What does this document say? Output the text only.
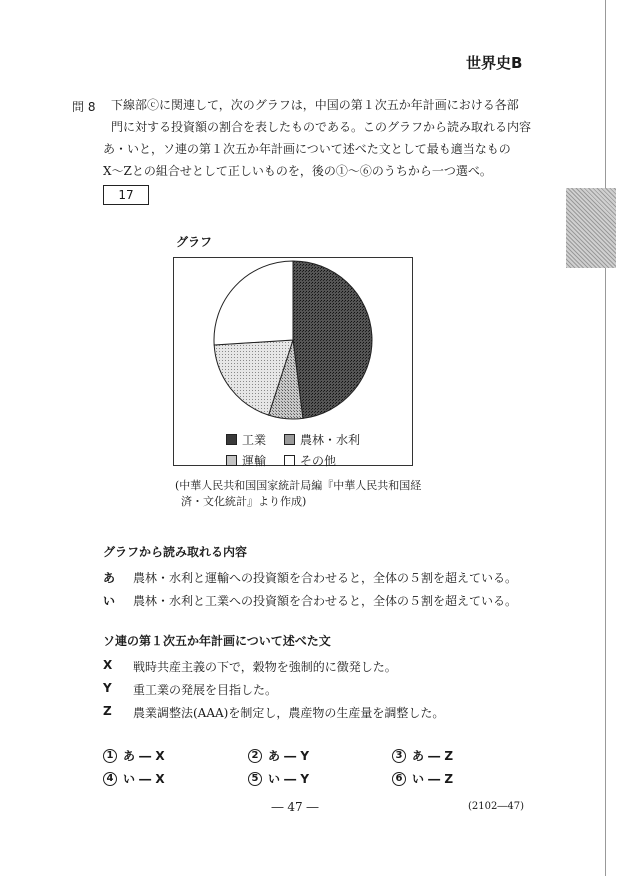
世界史B
問 8 下線部ⓒに関連して，次のグラフは，中国の第１次五か年計画における各部
門に対する投資額の割合を表したものである。このグラフから読み取れる内容
あ・いと，ソ連の第１次五か年計画について述べた文として最も適当なもの
X〜Zとの組合せとして正しいものを，後の①〜⑥のうちから一つ選べ。
17
グラフ
工業	農林・水利
運輸	その他
(中華人民共和国国家統計局編『中華人民共和国経
済・文化統計』より作成)
グラフから読み取れる内容
あ	農林・水利と運輸への投資額を合わせると，全体の５割を超えている。
い	農林・水利と工業への投資額を合わせると，全体の５割を超えている。
ソ連の第１次五か年計画について述べた文
X	戦時共産主義の下で，穀物を強制的に徴発した。
Y	重工業の発展を目指した。
Z	農業調整法(AAA)を制定し，農産物の生産量を調整した。
1 あ ― X	2 あ ― Y	3 あ ― Z
4 い ― X	5 い ― Y	6 い ― Z
― 47 ―	(2102―47)
